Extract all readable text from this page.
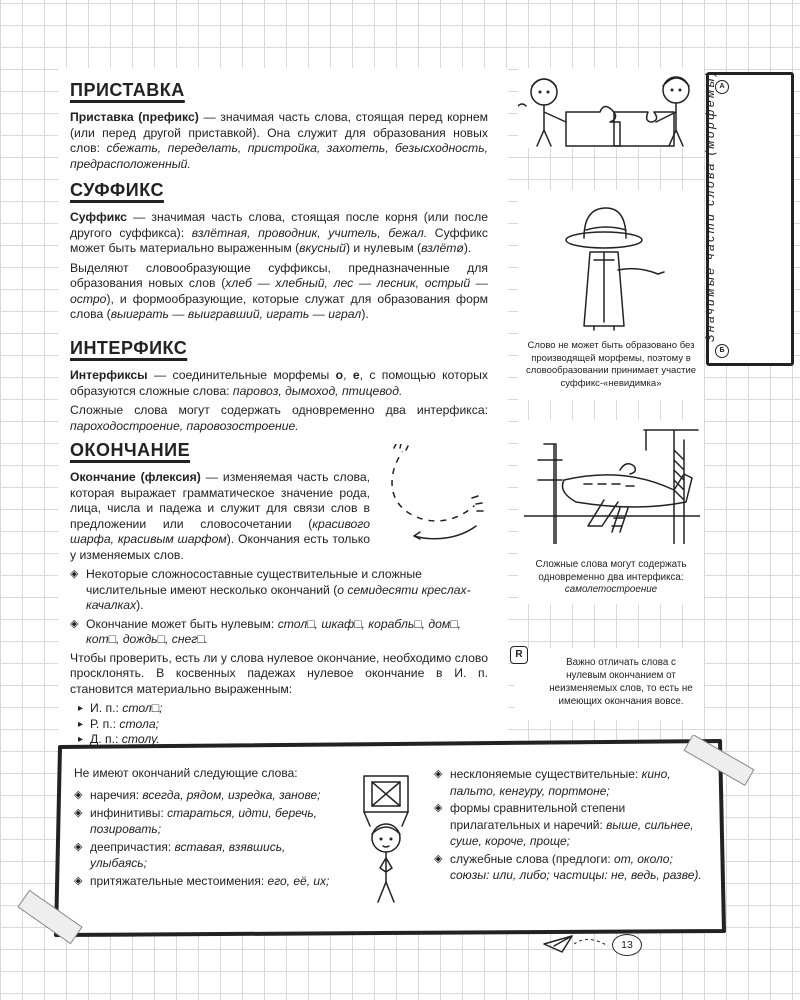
ПРИСТАВКА

Приставка (префикс) — значимая часть слова, стоящая перед корнем (или перед другой приставкой). Она служит для образования новых слов: сбежать, переделать, пристройка, захотеть, безысходность, предрасположенный.

СУФФИКС

Суффикс — значимая часть слова, стоящая после корня (или после другого суффикса): взлётная, проводник, учитель, бежал. Суффикс может быть материально выраженным (вкусный) и нулевым (взлётø).

Выделяют словообразующие суффиксы, предназначенные для образования новых слов (хлеб — хлебный, лес — лесник, острый — остро), и формообразующие, которые служат для образования форм слова (выиграть — выигравший, играть — играл).

ИНТЕРФИКС

Интерфиксы — соединительные морфемы о, е, с помощью которых образуются сложные слова: паровоз, дымоход, птицевод.

Сложные слова могут содержать одновременно два интерфикса: пароходостроение, паровозостроение.

ОКОНЧАНИЕ

Окончание (флексия) — изменяемая часть слова, которая выражает грамматическое значение рода, лица, числа и падежа и служит для связи слов в предложении или словосочетании (красивого шарфа, красивым шарфом). Окончания есть только у изменяемых слов.

◈ Некоторые сложносоставные существительные и сложные числительные имеют несколько окончаний (о семидесяти креслах-качалках).
◈ Окончание может быть нулевым: стол□, шкаф□, корабль□, дом□, кот□, дождь□, снег□.

Чтобы проверить, есть ли у слова нулевое окончание, необходимо слово просклонять. В косвенных падежах нулевое окончание в И. п. становится материально выраженным:

▸ И. п.: стол□;
▸ Р. п.: стола;
▸ Д. п.: столу.
Слово не может быть образовано без производящей морфемы, поэтому в словообразовании принимает участие суффикс-«невидимка»
Сложные слова могут содержать одновременно два интерфикса:
самолетостроение
R
Важно отличать слова с нулевым окончанием от неизменяемых слов, то есть не имеющих окончания вовсе.
А
Б
Значимые части слова (морфемы)
Не имеют окончаний следующие слова:
◈ наречия: всегда, рядом, изредка, занове;
◈ инфинитивы: стараться, идти, беречь, позировать;
◈ деепричастия: вставая, взявшись, улыбаясь;
◈ притяжательные местоимения: его, её, их;
◈ несклоняемые существительные: кино, пальто, кенгуру, портмоне;
◈ формы сравнительной степени прилагательных и наречий: выше, сильнее, суше, короче, проще;
◈ служебные слова (предлоги: от, около; союзы: или, либо; частицы: не, ведь, разве).
13
